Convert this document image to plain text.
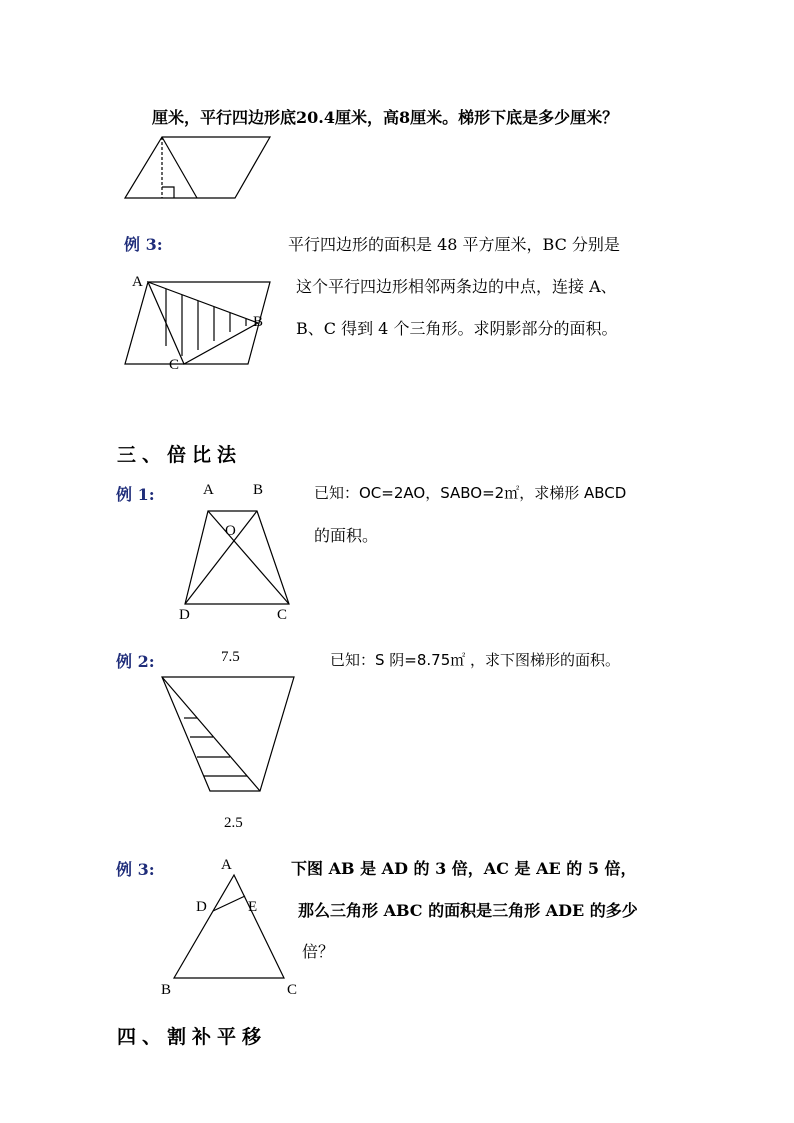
厘米，平行四边形底20.4厘米，高8厘米。梯形下底是多少厘米？
例 3:	平行四边形的面积是 48 平方厘米，BC 分别是
这个平行四边形相邻两条边的中点，连接 A、
B、C 得到 4 个三角形。求阴影部分的面积。
A
B
C
三、倍比法
例 1:	A	B	已知：OC=2AO，SABO=2㎡，求梯形 ABCD
的面积。
O
D	C
例 2:	7.5	已知：S 阴=8.75㎡ ，求下图梯形的面积。
2.5
例 3:	A	下图 AB 是 AD 的 3 倍，AC 是 AE 的 5 倍，
那么三角形 ABC 的面积是三角形 ADE 的多少
倍？
D	E
B	C
四、割补平移
